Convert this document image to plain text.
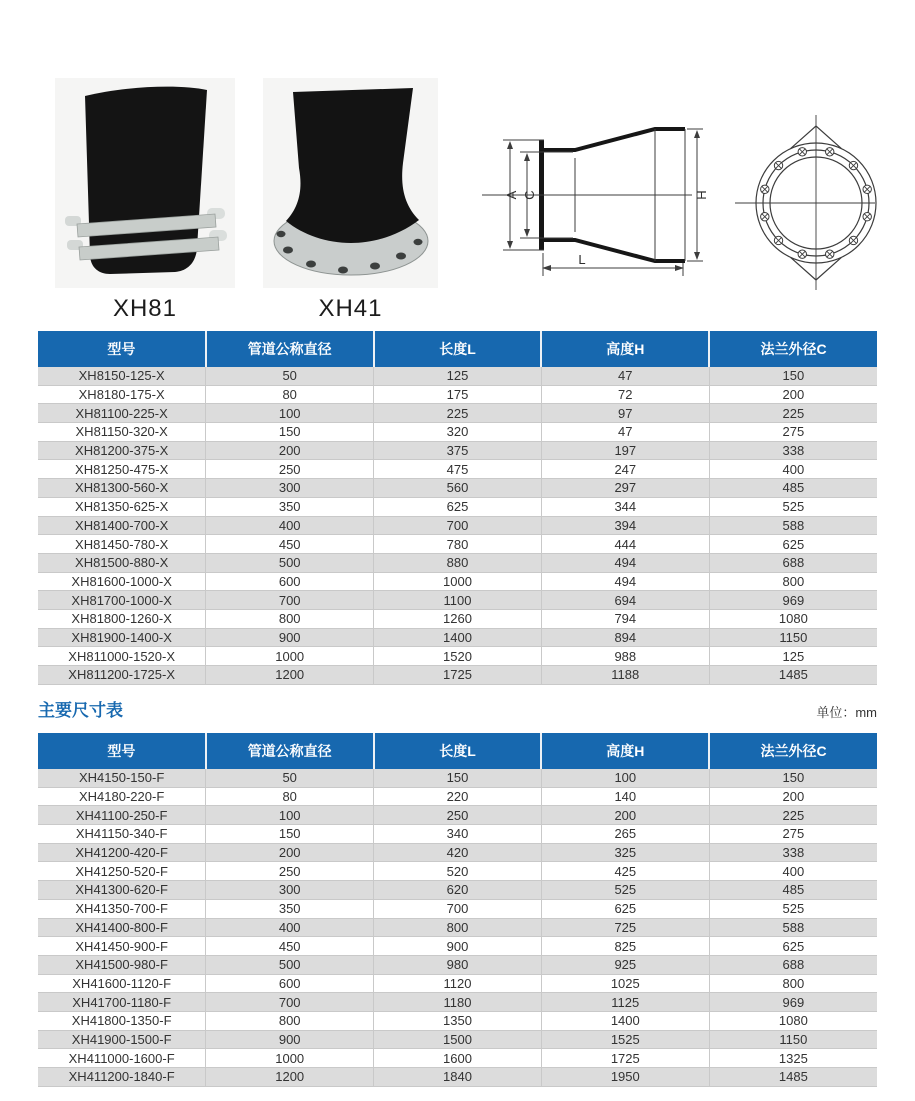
XH81	XH41
A C	H
L
型号	管道公称直径	长度L	高度H	法兰外径C
XH8150-125-X	50	125	47	150
XH8180-175-X	80	175	72	200
XH81100-225-X	100	225	97	225
XH81150-320-X	150	320	47	275
XH81200-375-X	200	375	197	338
XH81250-475-X	250	475	247	400
XH81300-560-X	300	560	297	485
XH81350-625-X	350	625	344	525
XH81400-700-X	400	700	394	588
XH81450-780-X	450	780	444	625
XH81500-880-X	500	880	494	688
XH81600-1000-X	600	1000	494	800
XH81700-1000-X	700	1100	694	969
XH81800-1260-X	800	1260	794	1080
XH81900-1400-X	900	1400	894	1150
XH811000-1520-X	1000	1520	988	125
XH811200-1725-X	1200	1725	1188	1485
主要尺寸表	单位：mm
型号	管道公称直径	长度L	高度H	法兰外径C
XH4150-150-F	50	150	100	150
XH4180-220-F	80	220	140	200
XH41100-250-F	100	250	200	225
XH41150-340-F	150	340	265	275
XH41200-420-F	200	420	325	338
XH41250-520-F	250	520	425	400
XH41300-620-F	300	620	525	485
XH41350-700-F	350	700	625	525
XH41400-800-F	400	800	725	588
XH41450-900-F	450	900	825	625
XH41500-980-F	500	980	925	688
XH41600-1120-F	600	1120	1025	800
XH41700-1180-F	700	1180	1125	969
XH41800-1350-F	800	1350	1400	1080
XH41900-1500-F	900	1500	1525	1150
XH411000-1600-F	1000	1600	1725	1325
XH411200-1840-F	1200	1840	1950	1485
